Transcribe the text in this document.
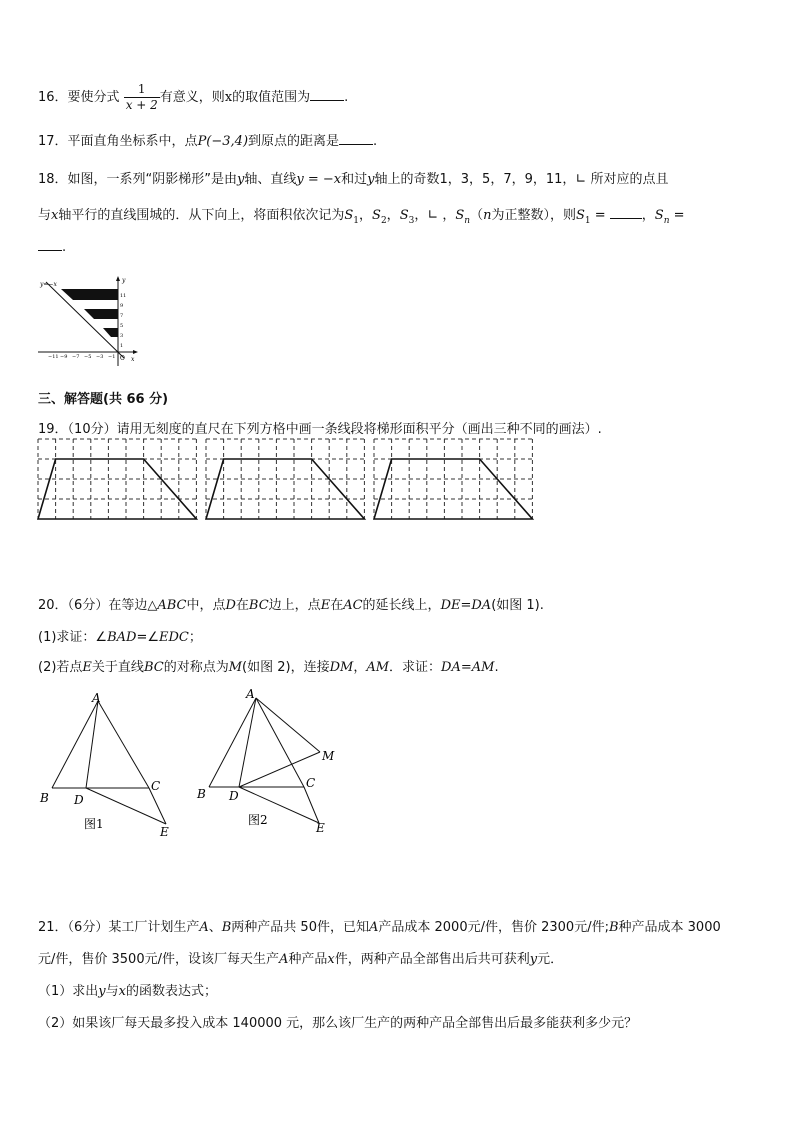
16．要使分式 $\frac{1}{x + 2}$ 有意义，则x的取值范围为	.
17．平面直角坐标系中，点P(−3,4)到原点的距离是	.
18．如图，一系列“阴影梯形”是由y轴、直线y = −x和过y轴上的奇数1，3，5，7，9，11，∟ 所对应的点且
与x轴平行的直线围城的．从下向上，将面积依次记为$S_1$，$S_2$，$S_3$，∟ ，$S_n(n$为正整数），则$S_1$ = ，$S_n$ =
.
y=−x
y
x
O
11
9
7
5
3
1
−11 −9 −7 −5 −3 −1
三、解答题(共 66 分)
19．（10分）请用无刻度的直尺在下列方格中画一条线段将梯形面积平分（画出三种不同的画法）.
20．（6分）在等边△ABC中，点D在BC边上，点E在AC的延长线上，DE=DA(如图 1).
(1)求证：∠BAD=∠EDC；
(2)若点E关于直线BC的对称点为M(如图 2)，连接DM，AM．求证：DA=AM.
A
B
C
D
E
图1
A
B
C
D
E
M
图2
21．（6分）某工厂计划生产A、B两种产品共 50件，已知A产品成本 2000元/件，售价 2300元/件;B种产品成本 3000
元/件，售价 3500元/件，设该厂每天生产A种产品x件，两种产品全部售出后共可获利y元．
（1）求出y与x的函数表达式；
（2）如果该厂每天最多投入成本 140000 元，那么该厂生产的两种产品全部售出后最多能获利多少元？
